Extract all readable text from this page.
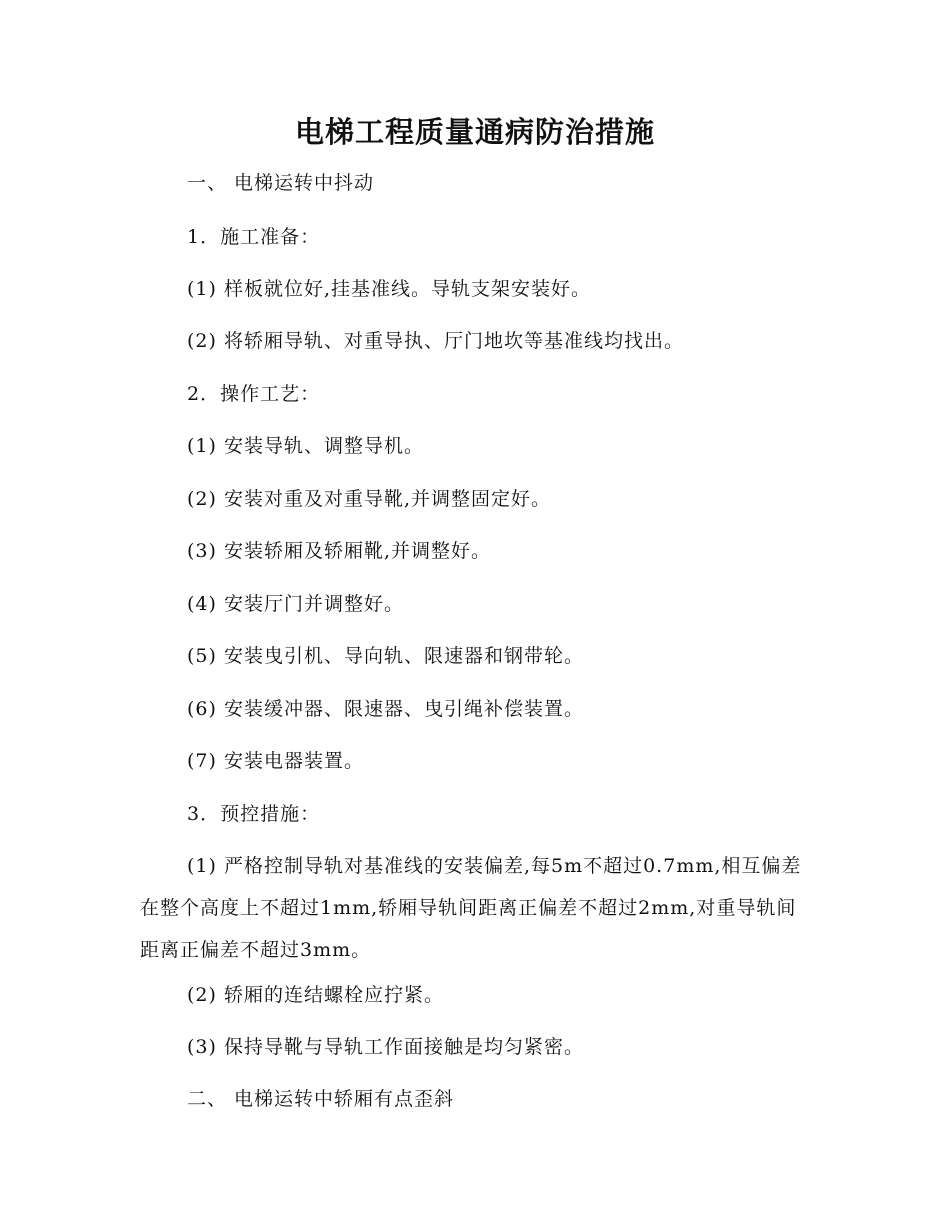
电梯工程质量通病防治措施
一、 电梯运转中抖动
1．施工准备：
(1) 样板就位好,挂基准线。导轨支架安装好。
(2) 将轿厢导轨、对重导执、厅门地坎等基准线均找出。
2．操作工艺：
(1) 安装导轨、调整导机。
(2) 安装对重及对重导靴,并调整固定好。
(3) 安装轿厢及轿厢靴,并调整好。
(4) 安装厅门并调整好。
(5) 安装曳引机、导向轨、限速器和钢带轮。
(6) 安装缓冲器、限速器、曳引绳补偿装置。
(7) 安装电器装置。
3．预控措施：
(1) 严格控制导轨对基准线的安装偏差,每5m不超过0.7mm,相互偏差在整个高度上不超过1mm,轿厢导轨间距离正偏差不超过2mm,对重导轨间距离正偏差不超过3mm。
(2) 轿厢的连结螺栓应拧紧。
(3) 保持导靴与导轨工作面接触是均匀紧密。
二、 电梯运转中轿厢有点歪斜
